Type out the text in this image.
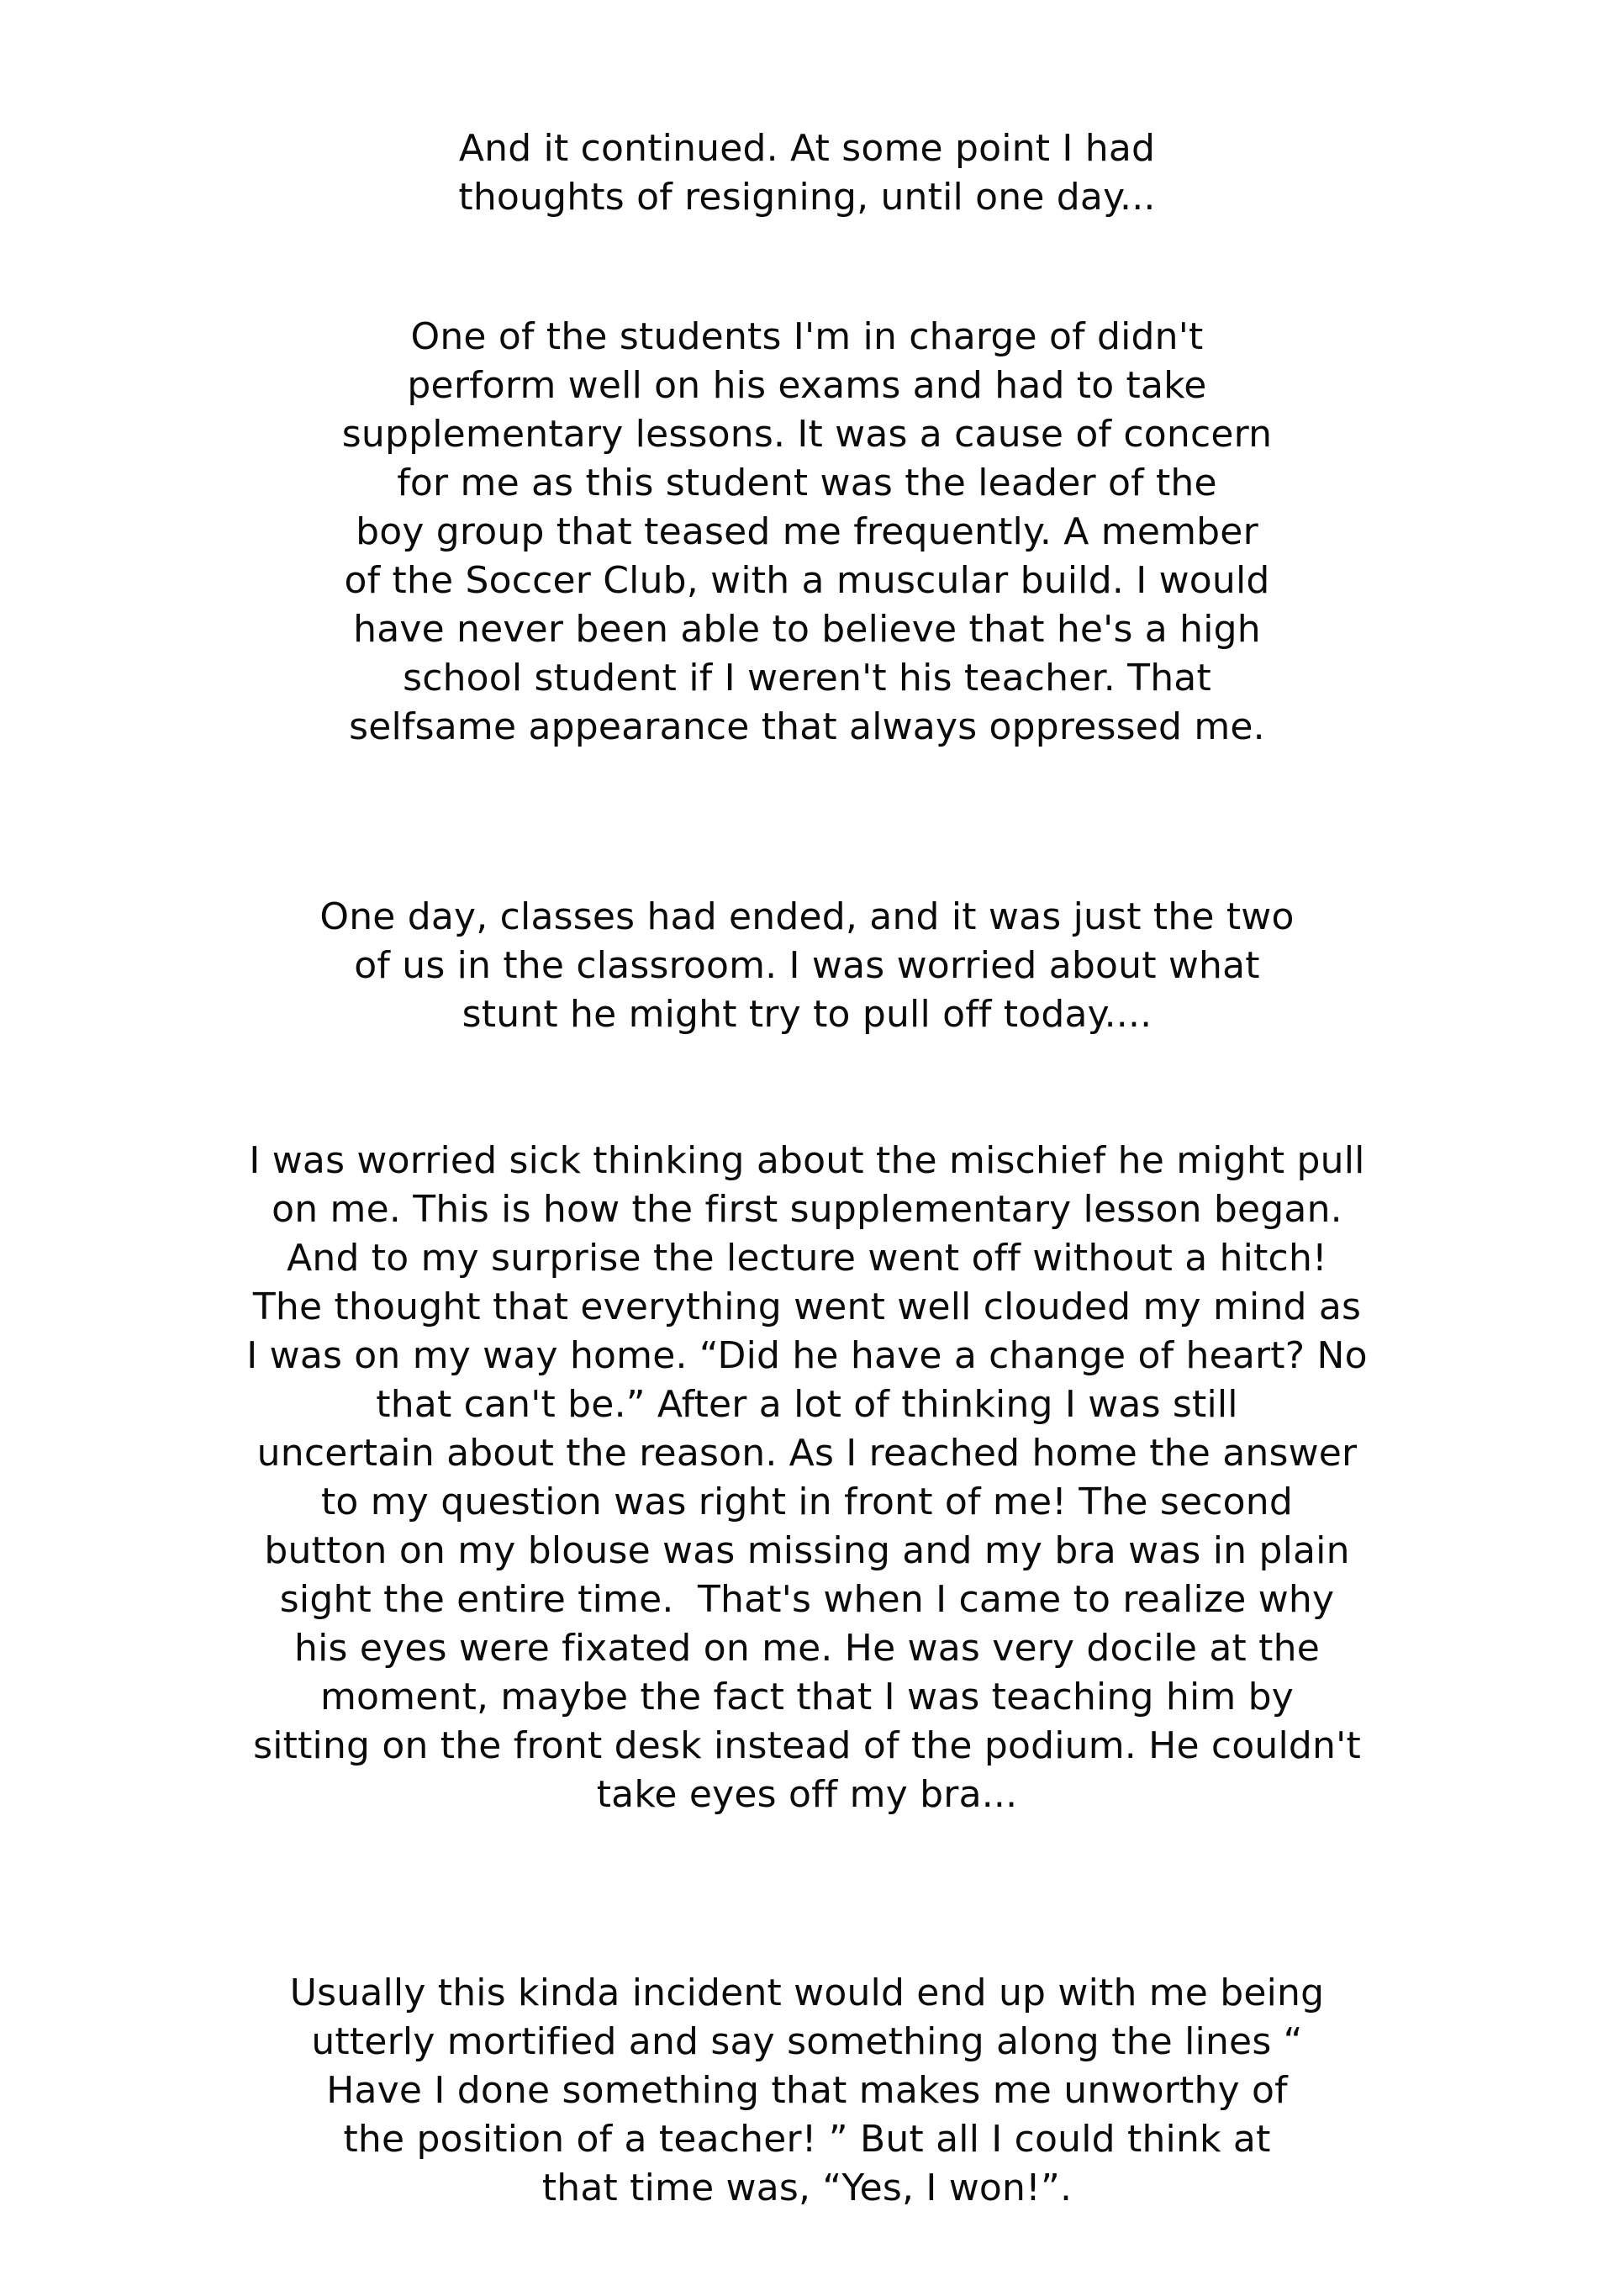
And it continued. At some point I had
thoughts of resigning, until one day...
One of the students I'm in charge of didn't
perform well on his exams and had to take
supplementary lessons. It was a cause of concern
for me as this student was the leader of the
boy group that teased me frequently. A member
of the Soccer Club, with a muscular build. I would
have never been able to believe that he's a high
school student if I weren't his teacher. That
selfsame appearance that always oppressed me.
One day, classes had ended, and it was just the two
of us in the classroom. I was worried about what
stunt he might try to pull off today....
I was worried sick thinking about the mischief he might pull
on me. This is how the first supplementary lesson began.
And to my surprise the lecture went off without a hitch!
The thought that everything went well clouded my mind as
I was on my way home. “Did he have a change of heart? No
that can't be.” After a lot of thinking I was still
uncertain about the reason. As I reached home the answer
to my question was right in front of me! The second
button on my blouse was missing and my bra was in plain
sight the entire time.  That's when I came to realize why
his eyes were fixated on me. He was very docile at the
moment, maybe the fact that I was teaching him by
sitting on the front desk instead of the podium. He couldn't
take eyes off my bra...
Usually this kinda incident would end up with me being
utterly mortified and say something along the lines “
Have I done something that makes me unworthy of
the position of a teacher! ” But all I could think at
that time was, “Yes, I won!”.
